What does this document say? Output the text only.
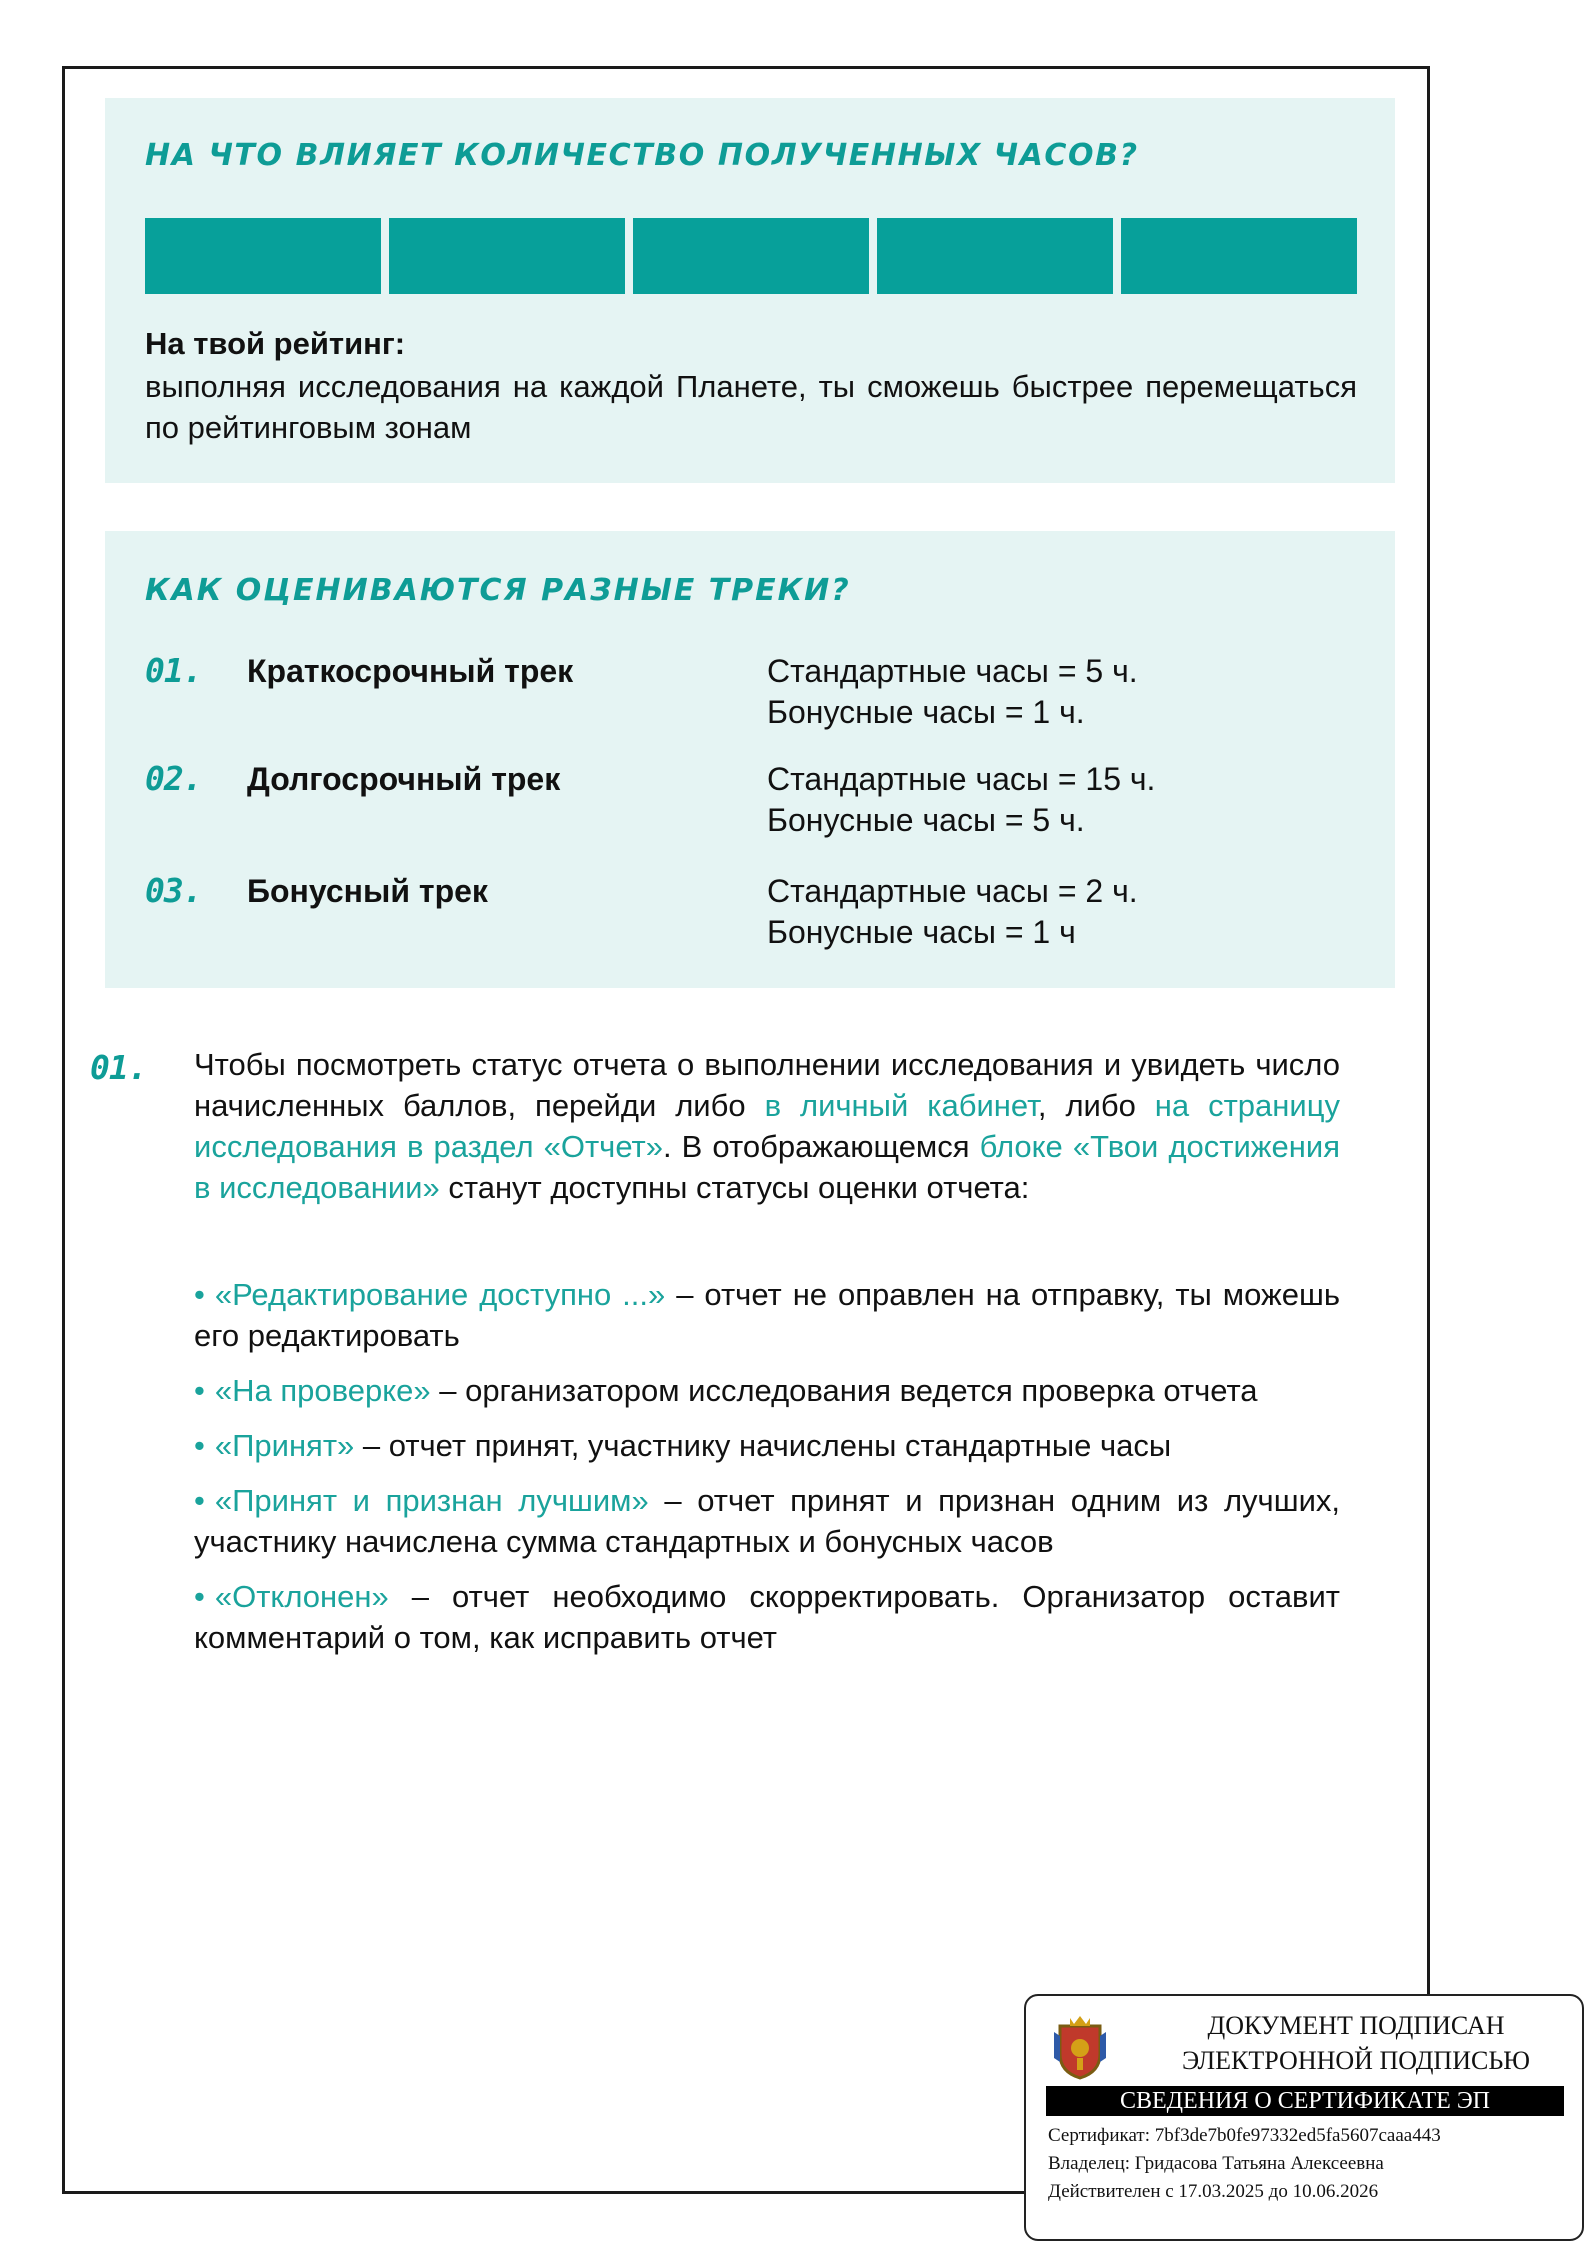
НА ЧТО ВЛИЯЕТ КОЛИЧЕСТВО ПОЛУЧЕННЫХ ЧАСОВ?
На твой рейтинг:
выполняя исследования на каждой Планете, ты сможешь быстрее перемещаться по рейтинговым зонам
КАК ОЦЕНИВАЮТСЯ РАЗНЫЕ ТРЕКИ?
01. Краткосрочный трек	Стандартные часы = 5 ч.
Бонусные часы = 1 ч.
02. Долгосрочный трек	Стандартные часы = 15 ч.
Бонусные часы = 5 ч.
03. Бонусный трек	Стандартные часы = 2 ч.
Бонусные часы = 1 ч
01. Чтобы посмотреть статус отчета о выполнении исследования и увидеть число начисленных баллов, перейди либо в личный кабинет, либо на страницу исследования в раздел «Отчет». В отображающемся блоке «Твои достижения в исследовании» станут доступны статусы оценки отчета:

• «Редактирование доступно ...» – отчет не оправлен на отправку, ты можешь его редактировать
• «На проверке» – организатором исследования ведется проверка отчета
• «Принят» – отчет принят, участнику начислены стандартные часы
• «Принят и признан лучшим» – отчет принят и признан одним из лучших, участнику начислена сумма стандартных и бонусных часов
• «Отклонен» – отчет необходимо скорректировать. Организатор оставит комментарий о том, как исправить отчет
ДОКУМЕНТ ПОДПИСАН
ЭЛЕКТРОННОЙ ПОДПИСЬЮ
СВЕДЕНИЯ О СЕРТИФИКАТЕ ЭП
Сертификат: 7bf3de7b0fe97332ed5fa5607caaa443
Владелец: Гридасова Татьяна Алексеевна
Действителен с 17.03.2025 до 10.06.2026
